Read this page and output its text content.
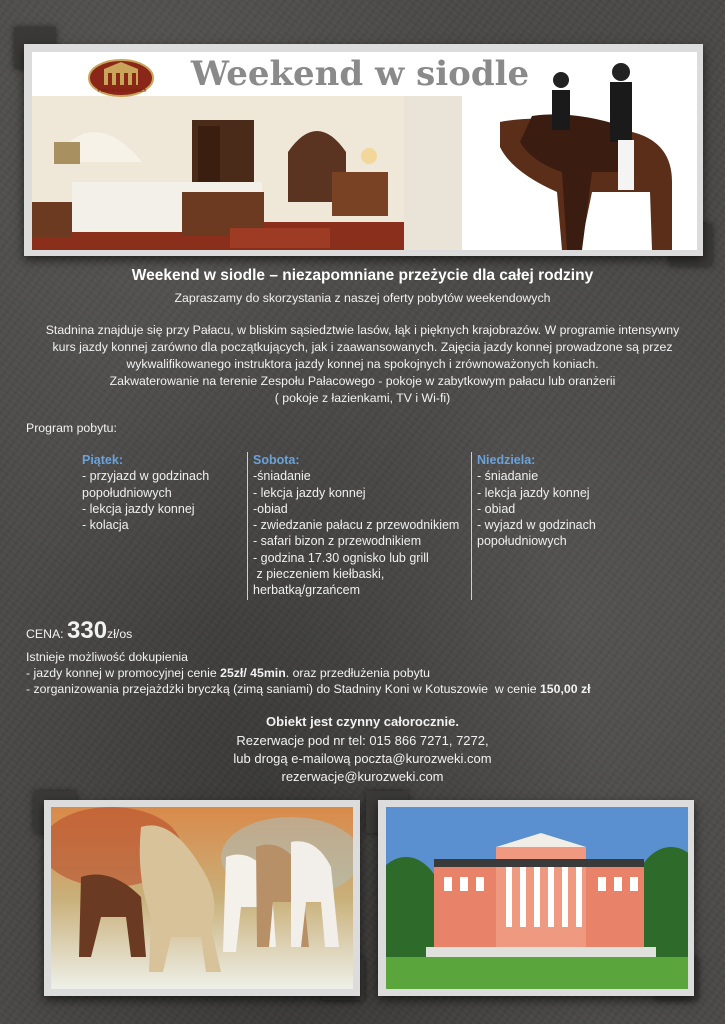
Pałac w Kurozwękach Weekend w siodle
Weekend w siodle – niezapomniane przeżycie dla całej rodziny
Zapraszamy do skorzystania z naszej oferty pobytów weekendowych
Stadnina znajduje się przy Pałacu, w bliskim sąsiedztwie lasów, łąk i pięknych krajobrazów. W programie intensywny
kurs jazdy konnej zarówno dla początkujących, jak i zaawansowanych. Zajęcia jazdy konnej prowadzone są przez
wykwalifikowanego instruktora jazdy konnej na spokojnych i zrównoważonych koniach.
Zakwaterowanie na terenie Zespołu Pałacowego - pokoje w zabytkowym pałacu lub oranżerii
( pokoje z łazienkami, TV i Wi-fi)
Program pobytu:
Piątek:
- przyjazd w godzinach
popołudniowych
- lekcja jazdy konnej
- kolacja
Sobota:
-śniadanie
- lekcja jazdy konnej
-obiad
- zwiedzanie pałacu z przewodnikiem
- safari bizon z przewodnikiem
- godzina 17.30 ognisko lub grill
z pieczeniem kiełbaski,
herbatką/grzańcem
Niedziela:
- śniadanie
- lekcja jazdy konnej
- obiad
- wyjazd w godzinach
popołudniowych
CENA: 330zł/os
Istnieje możliwość dokupienia
- jazdy konnej w promocyjnej cenie 25zł/ 45min. oraz przedłużenia pobytu
- zorganizowania przejażdżki bryczką (zimą saniami) do Stadniny Koni w Kotuszowie  w cenie 150,00 zł
Obiekt jest czynny całorocznie.
Rezerwacje pod nr tel: 015 866 7271, 7272,
lub drogą e-mailową poczta@kurozweki.com
rezerwacje@kurozweki.com
